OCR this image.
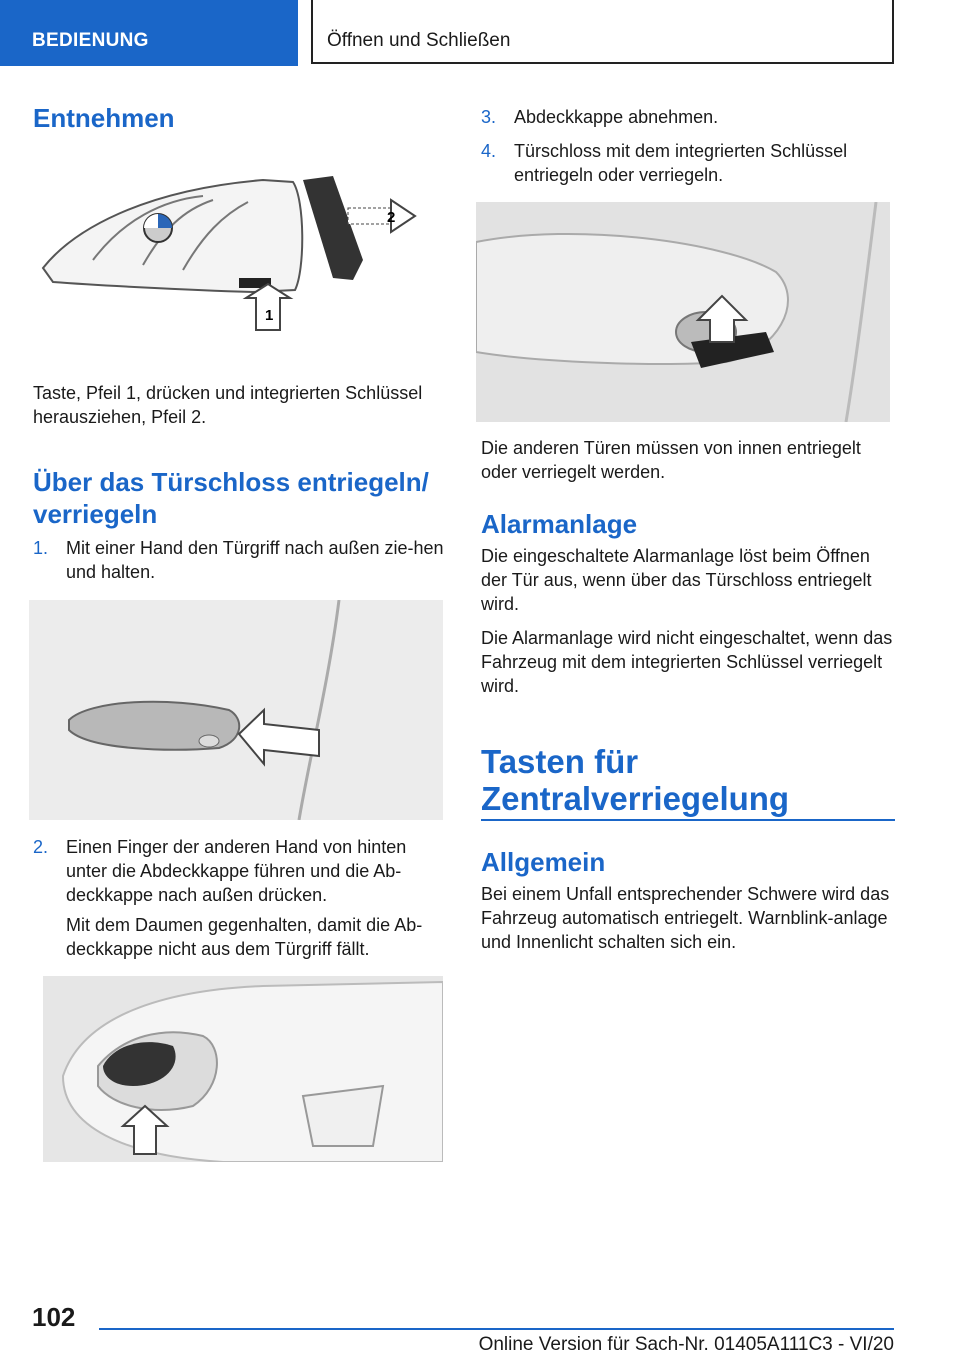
BEDIENUNG	Öffnen und Schließen
Entnehmen
2
1

Taste, Pfeil 1, drücken und integrierten Schlüssel herausziehen, Pfeil 2.

Über das Türschloss entriegeln/ verriegeln
1. Mit einer Hand den Türgriff nach außen zie-hen und halten.
2. Einen Finger der anderen Hand von hinten unter die Abdeckkappe führen und die Ab-deckkappe nach außen drücken.
Mit dem Daumen gegenhalten, damit die Ab-deckkappe nicht aus dem Türgriff fällt.
3. Abdeckkappe abnehmen.
4. Türschloss mit dem integrierten Schlüssel entriegeln oder verriegeln.

Die anderen Türen müssen von innen entriegelt oder verriegelt werden.

Alarmanlage

Die eingeschaltete Alarmanlage löst beim Öffnen der Tür aus, wenn über das Türschloss entriegelt wird.

Die Alarmanlage wird nicht eingeschaltet, wenn das Fahrzeug mit dem integrierten Schlüssel verriegelt wird.

Tasten für Zentralverriegelung
Allgemein

Bei einem Unfall entsprechender Schwere wird das Fahrzeug automatisch entriegelt. Warnblink-anlage und Innenlicht schalten sich ein.

102
Online Version für Sach-Nr. 01405A111C3 - VI/20
